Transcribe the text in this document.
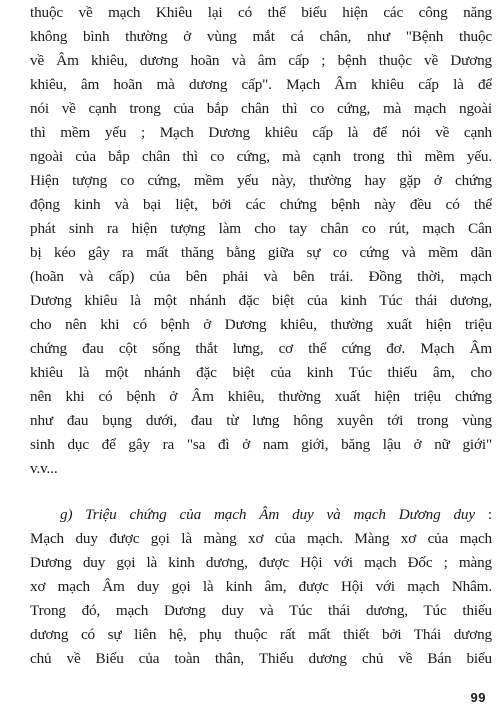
thuộc về mạch Khiêu lại có thể biểu hiện các công năng
không bình thường ở vùng mắt cá chân, như "Bệnh thuộc
về Âm khiêu, dương hoãn và âm cấp ; bệnh thuộc về Dương
khiêu, âm hoãn mà dương cấp". Mạch Âm khiêu cấp là để
nói về cạnh trong của bắp chân thì co cứng, mà mạch ngoài
thì mềm yếu ; Mạch Dương khiêu cấp là để nói về cạnh
ngoài của bắp chân thì co cứng, mà cạnh trong thì mềm yếu.
Hiện tượng co cứng, mềm yếu này, thường hay gặp ở chứng
động kinh và bại liệt, bởi các chứng bệnh này đều có thể
phát sinh ra hiện tượng làm cho tay chân co rút, mạch Cân
bị kéo gây ra mất thăng bằng giữa sự co cứng và mềm dãn
(hoãn và cấp) của bên phải và bên trái. Đồng thời, mạch
Dương khiêu là một nhánh đặc biệt của kinh Túc thái dương,
cho nên khi có bệnh ở Dương khiêu, thường xuất hiện triệu
chứng đau cột sống thắt lưng, cơ thể cứng đơ. Mạch Âm
khiêu là một nhánh đặc biệt của kinh Túc thiếu âm, cho
nên khi có bệnh ở Âm khiêu, thường xuất hiện triệu chứng
như đau bụng dưới, đau từ lưng hông xuyên tới trong vùng
sinh dục để gây ra "sa đì ở nam giới, băng lậu ở nữ giới"
v.v...
g) Triệu chứng của mạch Âm duy và mạch Dương duy :
Mạch duy được gọi là màng xơ của mạch. Màng xơ của mạch
Dương duy gọi là kinh dương, được Hội với mạch Đốc ; màng
xơ mạch Âm duy gọi là kinh âm, được Hội với mạch Nhâm.
Trong đó, mạch Dương duy và Túc thái dương, Túc thiếu
dương có sự liên hệ, phụ thuộc rất mất thiết bởi Thái dương
chủ về Biểu của toàn thân, Thiếu dương chủ về Bán biểu
99
